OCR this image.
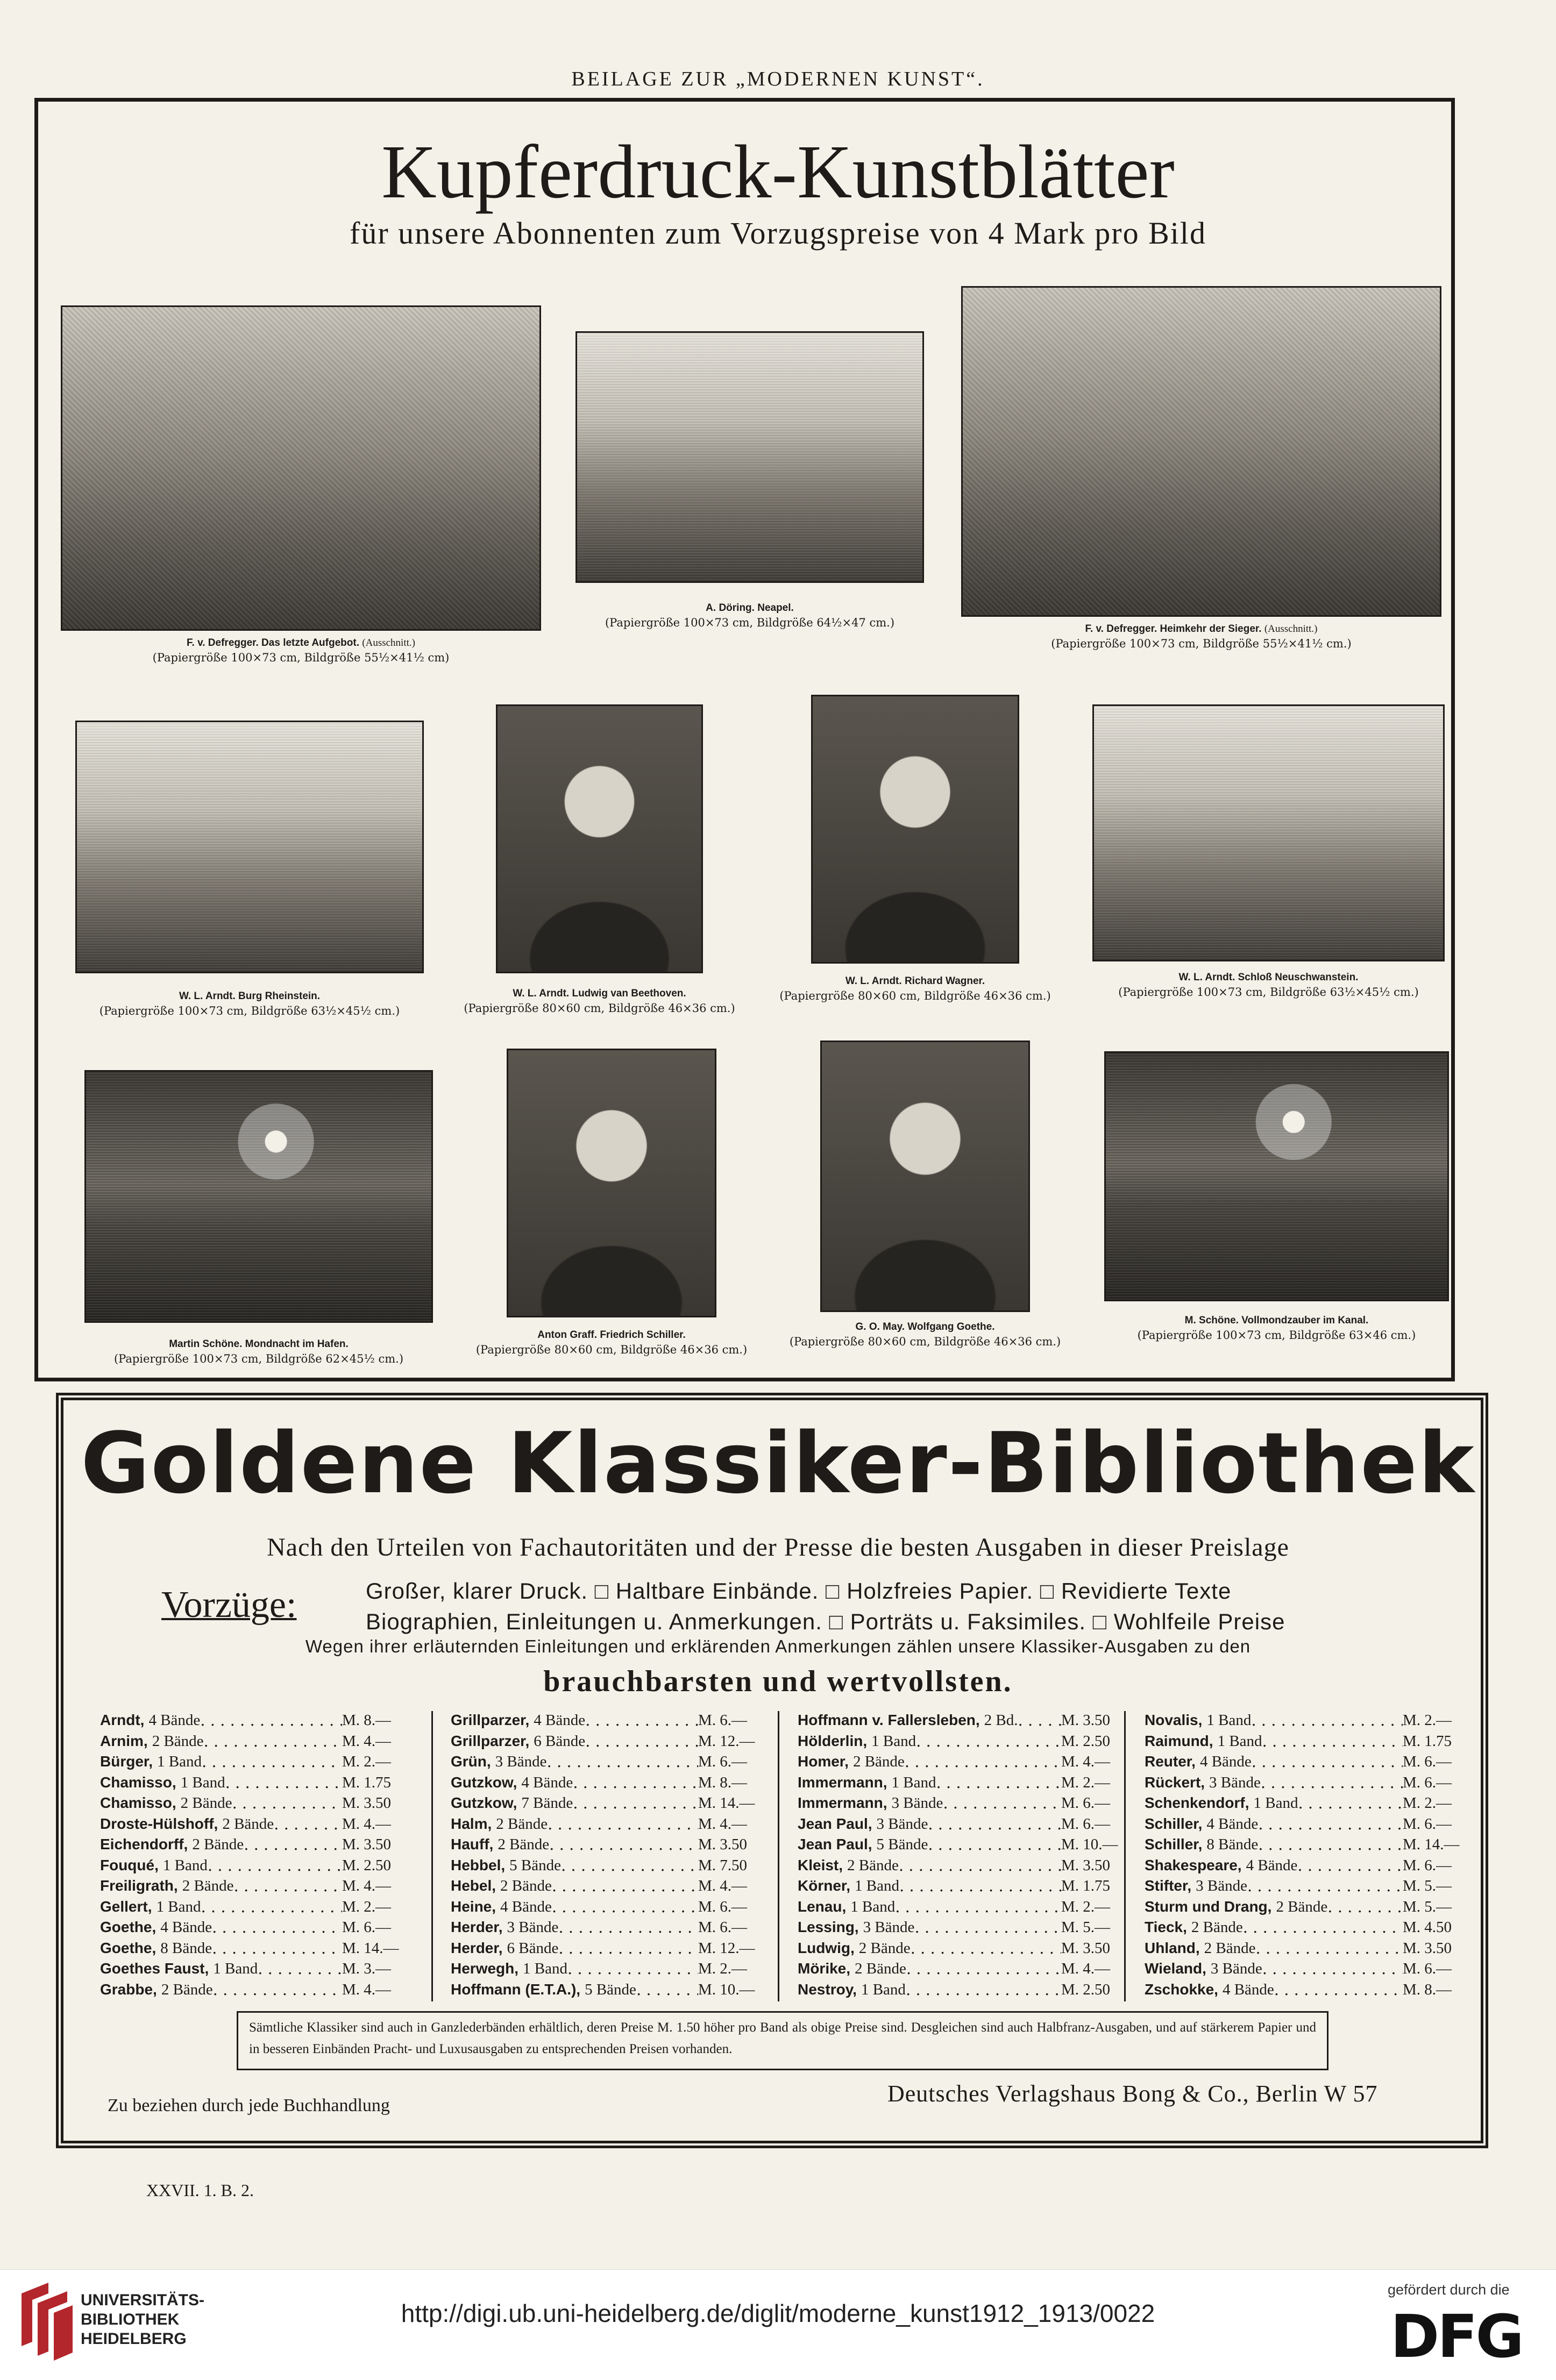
BEILAGE ZUR „MODERNEN KUNST“.
Kupferdruck-Kunstblätter
für unsere Abonnenten zum Vorzugspreise von 4 Mark pro Bild
F. v. Defregger. Das letzte Aufgebot. (Ausschnitt.)
(Papiergröße 100×73 cm, Bildgröße 55½×41½ cm)
A. Döring. Neapel.
(Papiergröße 100×73 cm, Bildgröße 64½×47 cm.)	F. v. Defregger. Heimkehr der Sieger. (Ausschnitt.)
(Papiergröße 100×73 cm, Bildgröße 55½×41½ cm.)
W. L. Arndt. Burg Rheinstein.
(Papiergröße 100×73 cm, Bildgröße 63½×45½ cm.)
W. L. Arndt. Ludwig van Beethoven.
(Papiergröße 80×60 cm, Bildgröße 46×36 cm.)
W. L. Arndt. Richard Wagner.
(Papiergröße 80×60 cm, Bildgröße 46×36 cm.)
W. L. Arndt. Schloß Neuschwanstein.
(Papiergröße 100×73 cm, Bildgröße 63½×45½ cm.)
Martin Schöne. Mondnacht im Hafen.
(Papiergröße 100×73 cm, Bildgröße 62×45½ cm.)
Anton Graff. Friedrich Schiller.
(Papiergröße 80×60 cm, Bildgröße 46×36 cm.)
G. O. May. Wolfgang Goethe.
(Papiergröße 80×60 cm, Bildgröße 46×36 cm.)
M. Schöne. Vollmondzauber im Kanal.
(Papiergröße 100×73 cm, Bildgröße 63×46 cm.)
Goldene Klassiker-Bibliothek
Nach den Urteilen von Fachautoritäten und der Presse die besten Ausgaben in dieser Preislage
Vorzüge:	Großer, klarer Druck. □ Haltbare Einbände. □ Holzfreies Papier. □ Revidierte Texte
Biographien, Einleitungen u. Anmerkungen. □ Porträts u. Faksimiles. □ Wohlfeile Preise
Wegen ihrer erläuternden Einleitungen und erklärenden Anmerkungen zählen unsere Klassiker-Ausgaben zu den
brauchbarsten und wertvollsten.
Arndt, 4 Bände . . .	M. 8.—
Arnim, 2 Bände . . .	M. 4.—
Bürger, 1 Band . . .	M. 2.—
Chamisso, 1 Band . . .	M. 1.75
Chamisso, 2 Bände . . .	M. 3.50
Droste-Hülshoff, 2 Bände . . .	M. 4.—
Eichendorff, 2 Bände . . .	M. 3.50
Fouqué, 1 Band . . .	M. 2.50
Freiligrath, 2 Bände . . .	M. 4.—
Gellert, 1 Band . . .	M. 2.—
Goethe, 4 Bände . . .	M. 6.—
Goethe, 8 Bände . . .	M. 14.—
Goethes Faust, 1 Band . . .	M. 3.—
Grabbe, 2 Bände . . .	M. 4.—
Grillparzer, 4 Bände . . .	M. 6.—
Grillparzer, 6 Bände . . .	M. 12.—
Grün, 3 Bände . . .	M. 6.—
Gutzkow, 4 Bände . . .	M. 8.—
Gutzkow, 7 Bände . . .	M. 14.—
Halm, 2 Bände . . .	M. 4.—
Hauff, 2 Bände . . .	M. 3.50
Hebbel, 5 Bände . . .	M. 7.50
Hebel, 2 Bände . . .	M. 4.—
Heine, 4 Bände . . .	M. 6.—
Herder, 3 Bände . . .	M. 6.—
Herder, 6 Bände . . .	M. 12.—
Herwegh, 1 Band . . .	M. 2.—
Hoffmann (E.T.A.), 5 Bände . . .	M. 10.—
Hoffmann v. Fallersleben, 2 Bd. . . .	M. 3.50
Hölderlin, 1 Band . . .	M. 2.50
Homer, 2 Bände . . .	M. 4.—
Immermann, 1 Band . . .	M. 2.—
Immermann, 3 Bände . . .	M. 6.—
Jean Paul, 3 Bände . . .	M. 6.—
Jean Paul, 5 Bände . . .	M. 10.—
Kleist, 2 Bände . . .	M. 3.50
Körner, 1 Band . . .	M. 1.75
Lenau, 1 Band . . .	M. 2.—
Lessing, 3 Bände . . .	M. 5.—
Ludwig, 2 Bände . . .	M. 3.50
Mörike, 2 Bände . . .	M. 4.—
Nestroy, 1 Band . . .	M. 2.50
Novalis, 1 Band . . .	M. 2.—
Raimund, 1 Band . . .	M. 1.75
Reuter, 4 Bände . . .	M. 6.—
Rückert, 3 Bände . . .	M. 6.—
Schenkendorf, 1 Band . . .	M. 2.—
Schiller, 4 Bände . . .	M. 6.—
Schiller, 8 Bände . . .	M. 14.—
Shakespeare, 4 Bände . . .	M. 6.—
Stifter, 3 Bände . . .	M. 5.—
Sturm und Drang, 2 Bände . . .	M. 5.—
Tieck, 2 Bände . . .	M. 4.50
Uhland, 2 Bände . . .	M. 3.50
Wieland, 3 Bände . . .	M. 6.—
Zschokke, 4 Bände . . .	M. 8.—
Sämtliche Klassiker sind auch in Ganzlederbänden erhältlich, deren Preise M. 1.50 höher pro Band als obige Preise sind. Desgleichen sind auch Halbfranz-Ausgaben, und auf stärkerem Papier und in besseren Einbänden Pracht- und Luxusausgaben zu entsprechenden Preisen vorhanden.
Zu beziehen durch jede Buchhandlung	Deutsches Verlagshaus Bong & Co., Berlin W 57
XXVII. 1. B. 2.
UNIVERSITÄTS-
BIBLIOTHEK
HEIDELBERG
http://digi.ub.uni-heidelberg.de/diglit/moderne_kunst1912_1913/0022
gefördert durch die
DFG
